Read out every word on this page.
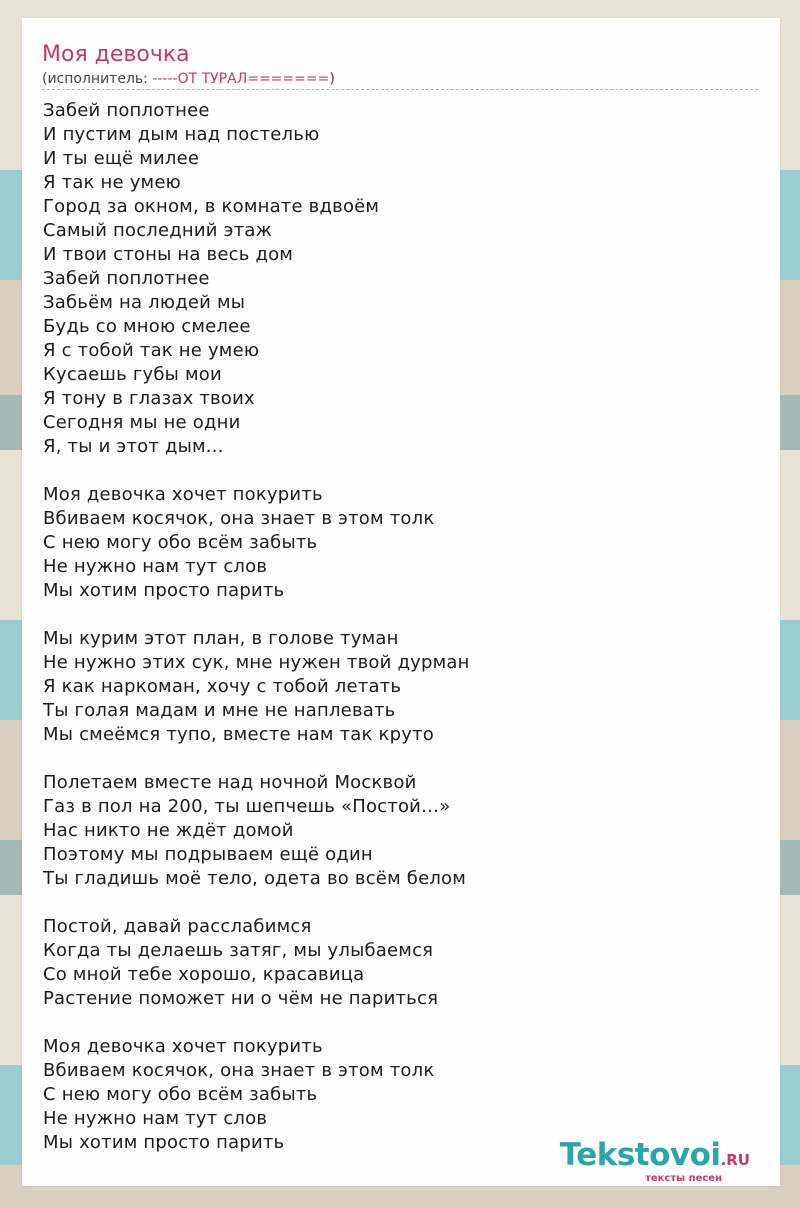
Моя девочка
(исполнитель: -----ОТ ТУРАЛ=======)
Забей поплотнее
И пустим дым над постелью
И ты ещё милее
Я так не умею
Город за окном, в комнате вдвоём
Самый последний этаж
И твои стоны на весь дом
Забей поплотнее
Забьём на людей мы
Будь со мною смелее
Я с тобой так не умею
Кусаешь губы мои
Я тону в глазах твоих
Сегодня мы не одни
Я, ты и этот дым...
Моя девочка хочет покурить
Вбиваем косячок, она знает в этом толк
С нею могу обо всём забыть
Не нужно нам тут слов
Мы хотим просто парить
Мы курим этот план, в голове туман
Не нужно этих сук, мне нужен твой дурман
Я как наркоман, хочу с тобой летать
Ты голая мадам и мне не наплевать
Мы смеёмся тупо, вместе нам так круто
Полетаем вместе над ночной Москвой
Газ в пол на 200, ты шепчешь «Постой…»
Нас никто не ждёт домой
Поэтому мы подрываем ещё один
Ты гладишь моё тело, одета во всём белом
Постой, давай расслабимся
Когда ты делаешь затяг, мы улыбаемся
Со мной тебе хорошо, красавица
Растение поможет ни о чём не париться
Моя девочка хочет покурить
Вбиваем косячок, она знает в этом толк
С нею могу обо всём забыть
Не нужно нам тут слов
Мы хотим просто парить	Tekstovoi.RU
тексты песен
